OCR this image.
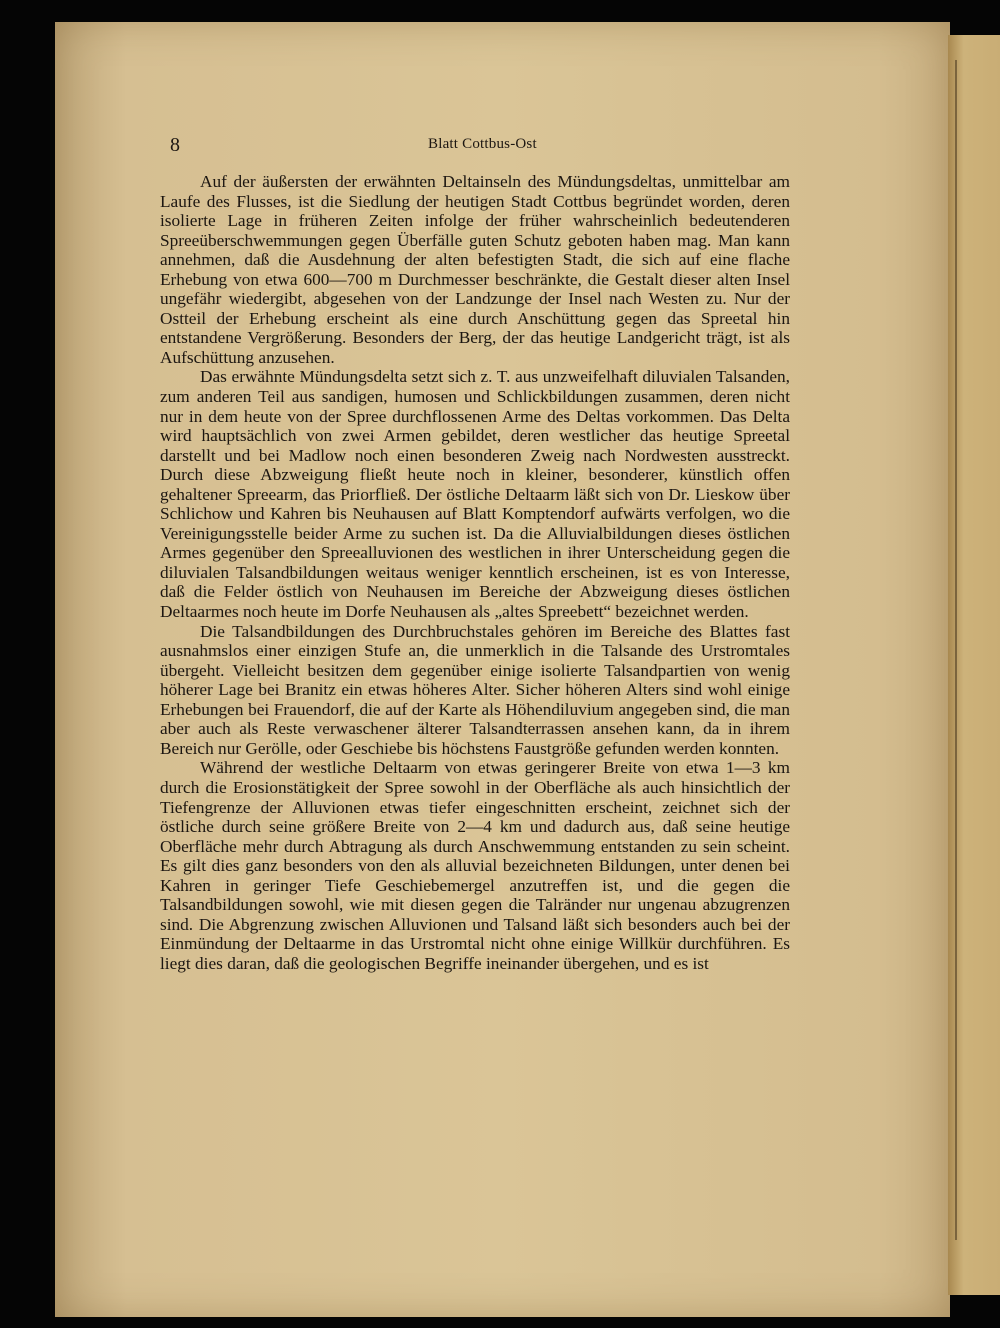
8	Blatt Cottbus-Ost

Auf der äußersten der erwähnten Deltainseln des Mündungsdeltas, unmittelbar am Laufe des Flusses, ist die Siedlung der heutigen Stadt Cottbus begründet worden, deren isolierte Lage in früheren Zeiten infolge der früher wahrscheinlich bedeutenderen Spreeüberschwemmungen gegen Überfälle guten Schutz geboten haben mag. Man kann annehmen, daß die Ausdehnung der alten befestigten Stadt, die sich auf eine flache Erhebung von etwa 600—700 m Durchmesser beschränkte, die Gestalt dieser alten Insel ungefähr wiedergibt, abgesehen von der Landzunge der Insel nach Westen zu. Nur der Ostteil der Erhebung erscheint als eine durch Anschüttung gegen das Spreetal hin entstandene Vergrößerung. Besonders der Berg, der das heutige Landgericht trägt, ist als Aufschüttung anzusehen.

Das erwähnte Mündungsdelta setzt sich z. T. aus unzweifelhaft diluvialen Talsanden, zum anderen Teil aus sandigen, humosen und Schlickbildungen zusammen, deren nicht nur in dem heute von der Spree durchflossenen Arme des Deltas vorkommen. Das Delta wird hauptsächlich von zwei Armen gebildet, deren westlicher das heutige Spreetal darstellt und bei Madlow noch einen besonderen Zweig nach Nordwesten ausstreckt. Durch diese Abzweigung fließt heute noch in kleiner, besonderer, künstlich offen gehaltener Spreearm, das Priorfließ. Der östliche Deltaarm läßt sich von Dr. Lieskow über Schlichow und Kahren bis Neuhausen auf Blatt Komptendorf aufwärts verfolgen, wo die Vereinigungsstelle beider Arme zu suchen ist. Da die Alluvialbildungen dieses östlichen Armes gegenüber den Spreealluvionen des westlichen in ihrer Unterscheidung gegen die diluvialen Talsandbildungen weitaus weniger kenntlich erscheinen, ist es von Interesse, daß die Felder östlich von Neuhausen im Bereiche der Abzweigung dieses östlichen Deltaarmes noch heute im Dorfe Neuhausen als „altes Spreebett“ bezeichnet werden.

Die Talsandbildungen des Durchbruchstales gehören im Bereiche des Blattes fast ausnahmslos einer einzigen Stufe an, die unmerklich in die Talsande des Urstromtales übergeht. Vielleicht besitzen dem gegenüber einige isolierte Talsandpartien von wenig höherer Lage bei Branitz ein etwas höheres Alter. Sicher höheren Alters sind wohl einige Erhebungen bei Frauendorf, die auf der Karte als Höhendiluvium angegeben sind, die man aber auch als Reste verwaschener älterer Talsandterrassen ansehen kann, da in ihrem Bereich nur Gerölle, oder Geschiebe bis höchstens Faustgröße gefunden werden konnten.

Während der westliche Deltaarm von etwas geringerer Breite von etwa 1—3 km durch die Erosionstätigkeit der Spree sowohl in der Oberfläche als auch hinsichtlich der Tiefengrenze der Alluvionen etwas tiefer eingeschnitten erscheint, zeichnet sich der östliche durch seine größere Breite von 2—4 km und dadurch aus, daß seine heutige Oberfläche mehr durch Abtragung als durch Anschwemmung entstanden zu sein scheint. Es gilt dies ganz besonders von den als alluvial bezeichneten Bildungen, unter denen bei Kahren in geringer Tiefe Geschiebemergel anzutreffen ist, und die gegen die Talsandbildungen sowohl, wie mit diesen gegen die Talränder nur ungenau abzugrenzen sind. Die Abgrenzung zwischen Alluvionen und Talsand läßt sich besonders auch bei der Einmündung der Deltaarme in das Urstromtal nicht ohne einige Willkür durchführen. Es liegt dies daran, daß die geologischen Begriffe ineinander übergehen, und es ist
